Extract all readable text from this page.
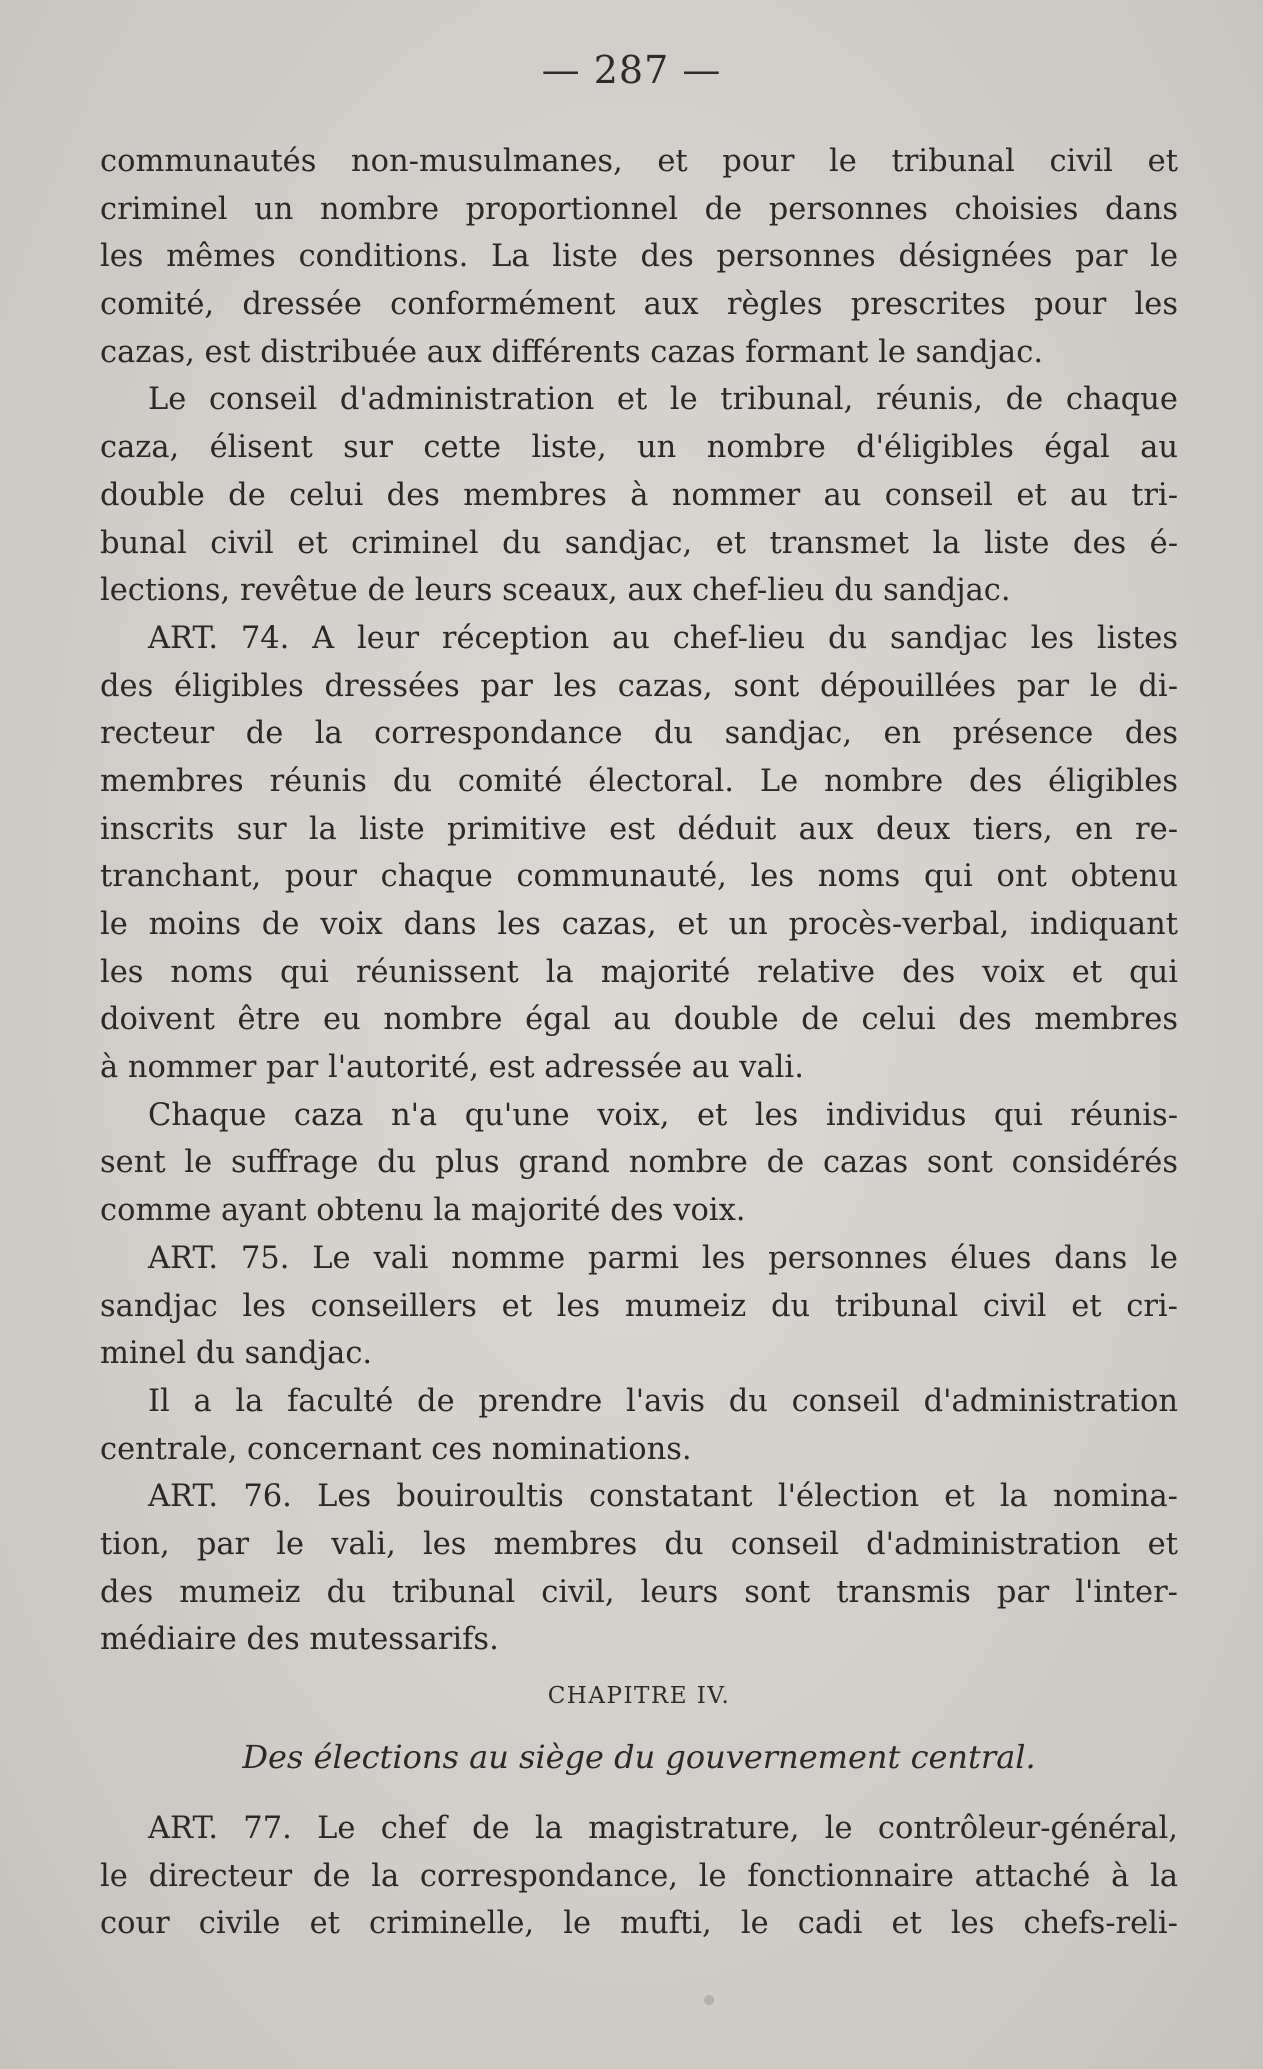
— 287 —
communautés non-musulmanes, et pour le tribunal civil et
criminel un nombre proportionnel de personnes choisies dans
les mêmes conditions. La liste des personnes désignées par le
comité, dressée conformément aux règles prescrites pour les
cazas, est distribuée aux différents cazas formant le sandjac.
Le conseil d'administration et le tribunal, réunis, de chaque
caza, élisent sur cette liste, un nombre d'éligibles égal au
double de celui des membres à nommer au conseil et au tri-
bunal civil et criminel du sandjac, et transmet la liste des é-
lections, revêtue de leurs sceaux, aux chef-lieu du sandjac.
ART. 74. A leur réception au chef-lieu du sandjac les listes
des éligibles dressées par les cazas, sont dépouillées par le di-
recteur de la correspondance du sandjac, en présence des
membres réunis du comité électoral. Le nombre des éligibles
inscrits sur la liste primitive est déduit aux deux tiers, en re-
tranchant, pour chaque communauté, les noms qui ont obtenu
le moins de voix dans les cazas, et un procès-verbal, indiquant
les noms qui réunissent la majorité relative des voix et qui
doivent être eu nombre égal au double de celui des membres
à nommer par l'autorité, est adressée au vali.
Chaque caza n'a qu'une voix, et les individus qui réunis-
sent le suffrage du plus grand nombre de cazas sont considérés
comme ayant obtenu la majorité des voix.
ART. 75. Le vali nomme parmi les personnes élues dans le
sandjac les conseillers et les mumeiz du tribunal civil et cri-
minel du sandjac.
Il a la faculté de prendre l'avis du conseil d'administration
centrale, concernant ces nominations.
ART. 76. Les bouiroultis constatant l'élection et la nomina-
tion, par le vali, les membres du conseil d'administration et
des mumeiz du tribunal civil, leurs sont transmis par l'inter-
médiaire des mutessarifs.
CHAPITRE IV.
Des élections au siège du gouvernement central.
ART. 77. Le chef de la magistrature, le contrôleur-général,
le directeur de la correspondance, le fonctionnaire attaché à la
cour civile et criminelle, le mufti, le cadi et les chefs-reli-
